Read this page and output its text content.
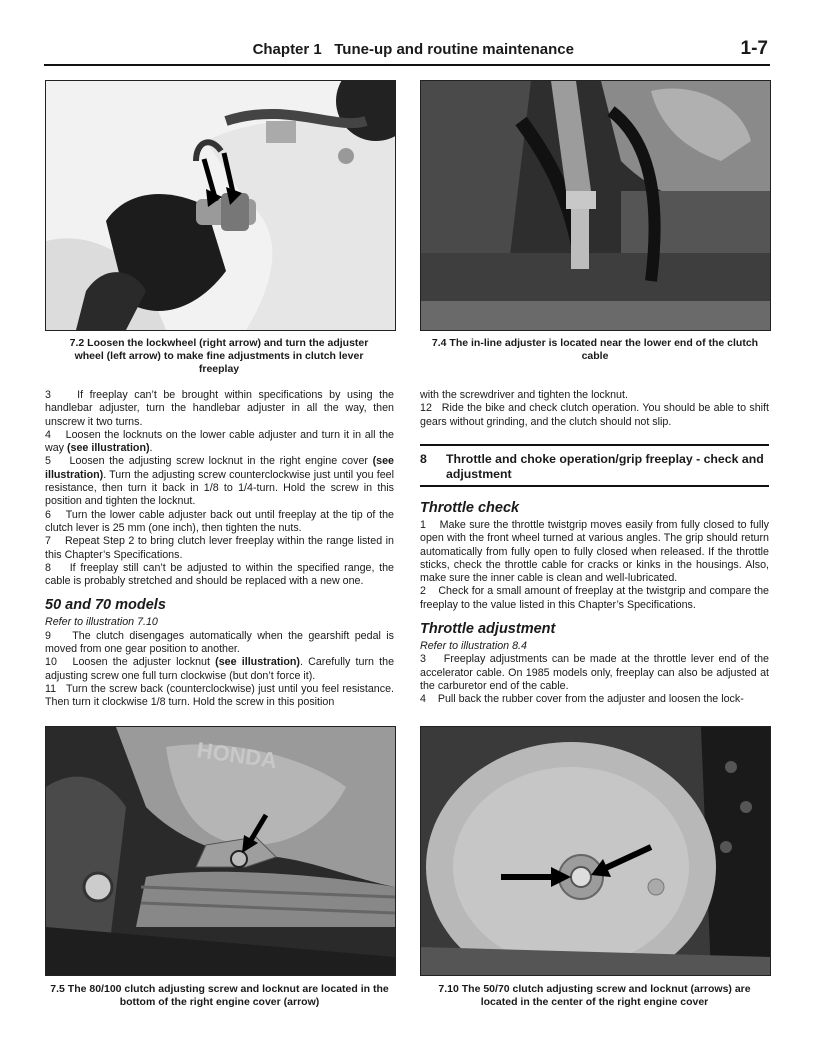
Chapter 1   Tune-up and routine maintenance	1-7
7.2 Loosen the lockwheel (right arrow) and turn the adjuster wheel (left arrow) to make fine adjustments in clutch lever freeplay
7.4 The in-line adjuster is located near the lower end of the clutch cable

3    If freeplay can’t be brought within specifications by using the handlebar adjuster, turn the handlebar adjuster in all the way, then unscrew it two turns.

4    Loosen the locknuts on the lower cable adjuster and turn it in all the way (see illustration).

5    Loosen the adjusting screw locknut in the right engine cover (see illustration). Turn the adjusting screw counterclockwise just until you feel resistance, then turn it back in 1/8 to 1/4-turn. Hold the screw in this position and tighten the locknut.

6    Turn the lower cable adjuster back out until freeplay at the tip of the clutch lever is 25 mm (one inch), then tighten the nuts.

7    Repeat Step 2 to bring clutch lever freeplay within the range listed in this Chapter’s Specifications.

8    If freeplay still can’t be adjusted to within the specified range, the cable is probably stretched and should be replaced with a new one.

50 and 70 models

Refer to illustration 7.10

9    The clutch disengages automatically when the gearshift pedal is moved from one gear position to another.

10   Loosen the adjuster locknut (see illustration). Carefully turn the adjusting screw one full turn clockwise (but don’t force it).

11   Turn the screw back (counterclockwise) just until you feel resistance. Then turn it clockwise 1/8 turn. Hold the screw in this position

with the screwdriver and tighten the locknut.

12   Ride the bike and check clutch operation. You should be able to shift gears without grinding, and the clutch should not slip.

8 Throttle and choke operation/grip freeplay - check and adjustment
Throttle check

1    Make sure the throttle twistgrip moves easily from fully closed to fully open with the front wheel turned at various angles. The grip should return automatically from fully open to fully closed when released. If the throttle sticks, check the throttle cable for cracks or kinks in the housings. Also, make sure the inner cable is clean and well-lubricated.

2    Check for a small amount of freeplay at the twistgrip and compare the freeplay to the value listed in this Chapter’s Specifications.

Throttle adjustment

Refer to illustration 8.4

3    Freeplay adjustments can be made at the throttle lever end of the accelerator cable. On 1985 models only, freeplay can also be adjusted at the carburetor end of the cable.

4    Pull back the rubber cover from the adjuster and loosen the lock-

HONDA
7.5 The 80/100 clutch adjusting screw and locknut are located in the bottom of the right engine cover (arrow)
7.10 The 50/70 clutch adjusting screw and locknut (arrows) are located in the center of the right engine cover
